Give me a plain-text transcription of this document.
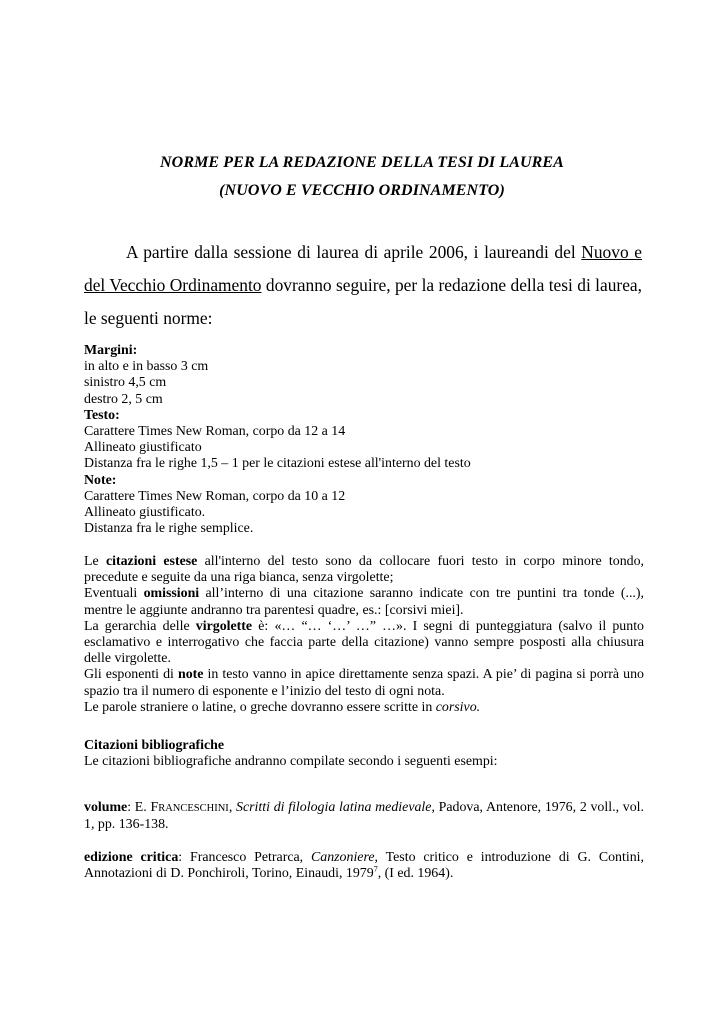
NORME PER LA REDAZIONE DELLA TESI DI LAUREA
(NUOVO E VECCHIO ORDINAMENTO)
A partire dalla sessione di laurea di aprile 2006, i laureandi del Nuovo e del Vecchio Ordinamento dovranno seguire, per la redazione della tesi di laurea, le seguenti norme:
Margini:
in alto e in basso 3 cm
sinistro 4,5 cm
destro 2, 5 cm
Testo:
Carattere Times New Roman, corpo da 12 a 14
Allineato giustificato
Distanza fra le righe 1,5 – 1 per le citazioni estese all'interno del testo
Note:
Carattere Times New Roman, corpo da 10 a 12
Allineato giustificato.
Distanza fra le righe semplice.

Le citazioni estese all'interno del testo sono da collocare fuori testo in corpo minore tondo, precedute e seguite da una riga bianca, senza virgolette;

Eventuali omissioni all’interno di una citazione saranno indicate con tre puntini tra tonde (...), mentre le aggiunte andranno tra parentesi quadre, es.: [corsivi miei].

La gerarchia delle virgolette è: «… “… ‘…’ …” …». I segni di punteggiatura (salvo il punto esclamativo e interrogativo che faccia parte della citazione) vanno sempre posposti alla chiusura delle virgolette.

Gli esponenti di note in testo vanno in apice direttamente senza spazi. A pie’ di pagina si porrà uno spazio tra il numero di esponente e l’inizio del testo di ogni nota.

Le parole straniere o latine, o greche dovranno essere scritte in corsivo.

Citazioni bibliografiche
Le citazioni bibliografiche andranno compilate secondo i seguenti esempi:
volume: E. FRANCESCHINI, Scritti di filologia latina medievale, Padova, Antenore, 1976, 2 voll., vol. 1, pp. 136-138.
edizione critica: Francesco Petrarca, Canzoniere, Testo critico e introduzione di G. Contini, Annotazioni di D. Ponchiroli, Torino, Einaudi, 1979$^7$, (I ed. 1964).
